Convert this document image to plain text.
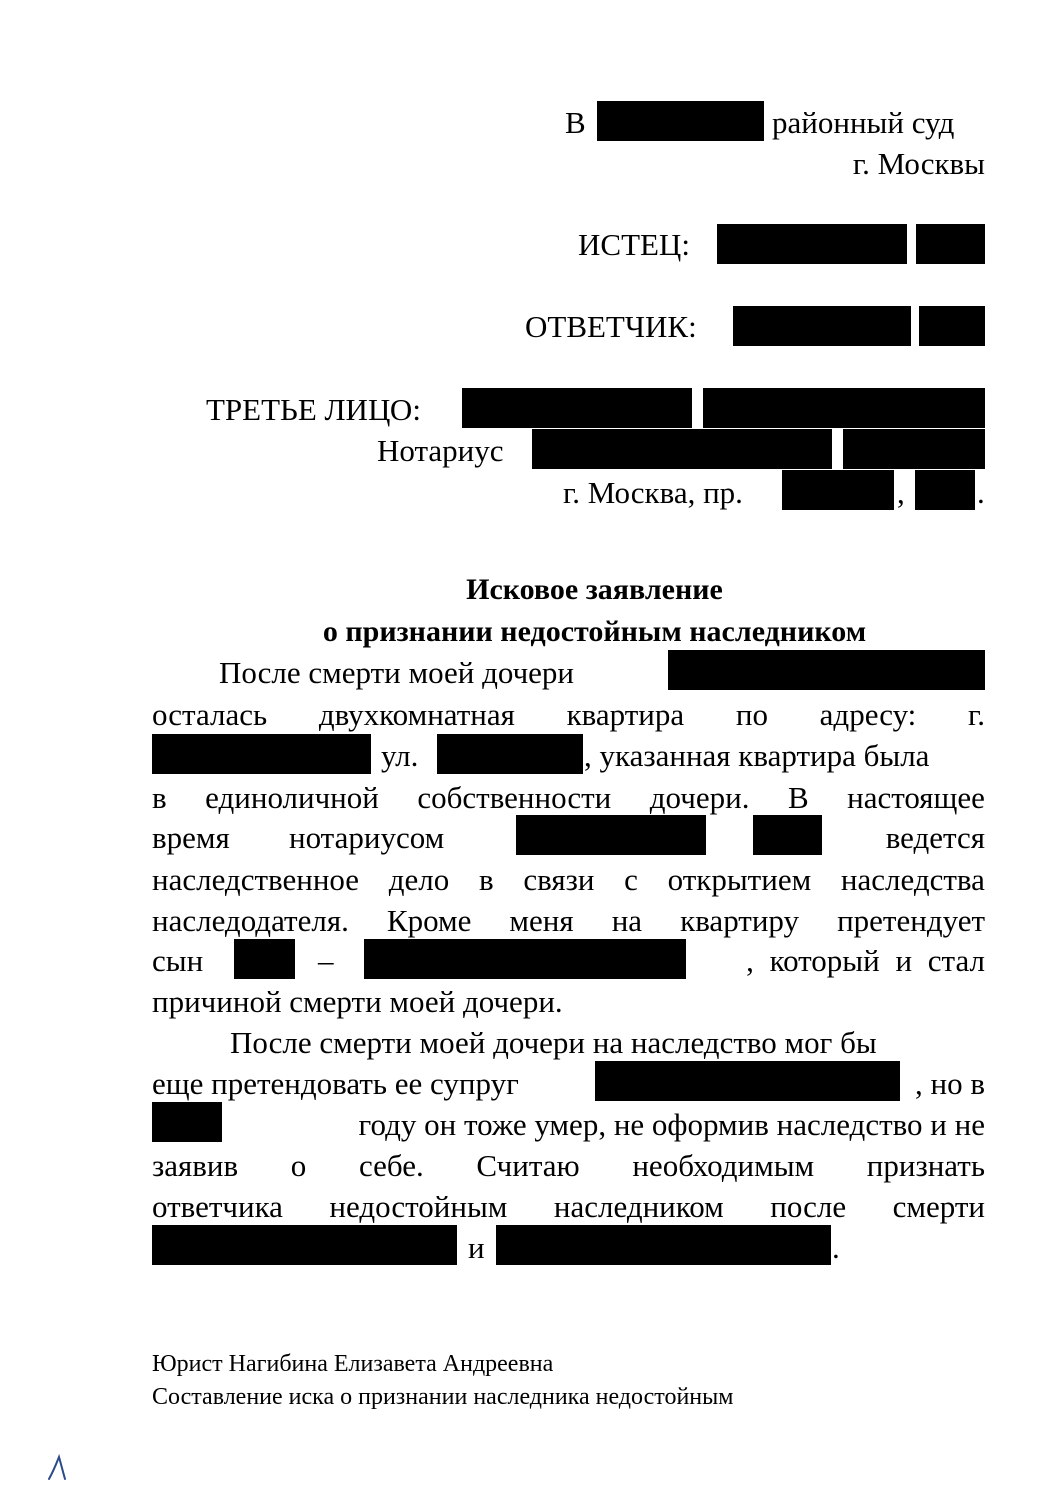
В	районный суд
г. Москвы
ИСТЕЦ:
ОТВЕТЧИК:
ТРЕТЬЕ ЛИЦО:
Нотариус
г. Москва, пр.	, .
Исковое заявление
о признании недостойным наследником
После смерти моей дочери
осталась двухкомнатная квартира по адресу: г.
ул.	, указанная квартира была
в единоличной собственности дочери. В настоящее
время нотариусом	ведется
наследственное дело в связи с открытием наследства
наследодателя. Кроме меня на квартиру претендует
сын	–	, который и стал
причиной смерти моей дочери.
После смерти моей дочери на наследство мог бы
еще претендовать ее супруг	, но в
году он тоже умер, не оформив наследство и не
заявив о себе. Считаю необходимым признать
ответчика недостойным наследником после смерти
и	.
Юрист Нагибина Елизавета Андреевна
Составление иска о признании наследника недостойным
